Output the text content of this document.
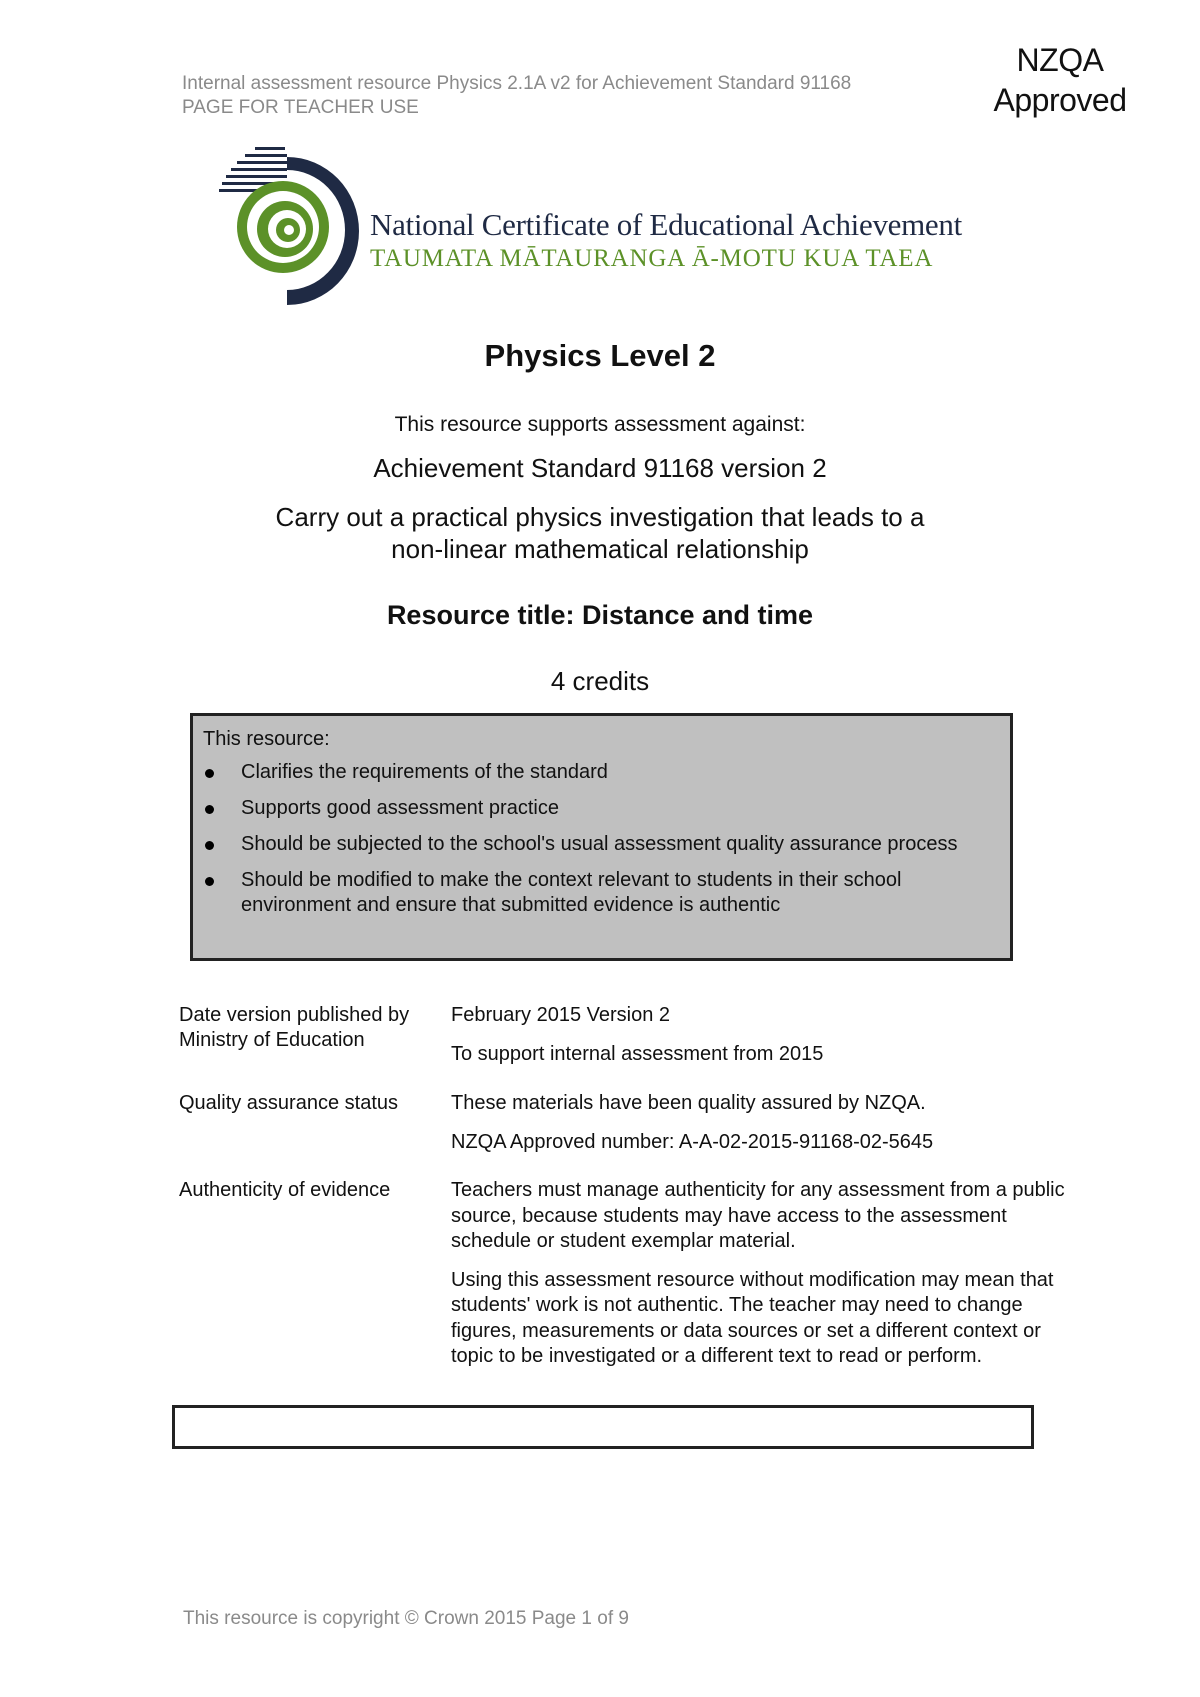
Internal assessment resource Physics 2.1A v2 for Achievement Standard 91168
PAGE FOR TEACHER USE
NZQA
Approved
National Certificate of Educational Achievement
TAUMATA MĀTAURANGA Ā-MOTU KUA TAEA
Physics Level 2
This resource supports assessment against:
Achievement Standard 91168 version 2
Carry out a practical physics investigation that leads to a
non-linear mathematical relationship
Resource title: Distance and time
4 credits
This resource:
Clarifies the requirements of the standard
Supports good assessment practice
Should be subjected to the school's usual assessment quality assurance process
Should be modified to make the context relevant to students in their school environment and ensure that submitted evidence is authentic
Date version published by Ministry of Education

February 2015 Version 2

To support internal assessment from 2015

Quality assurance status	These materials have been quality assured by NZQA.

NZQA Approved number: A-A-02-2015-91168-02-5645

Authenticity of evidence	Teachers must manage authenticity for any assessment from a public source, because students may have access to the assessment schedule or student exemplar material.

Using this assessment resource without modification may mean that students' work is not authentic. The teacher may need to change figures, measurements or data sources or set a different context or topic to be investigated or a different text to read or perform.

This resource is copyright © Crown 2015 Page 1 of 9
